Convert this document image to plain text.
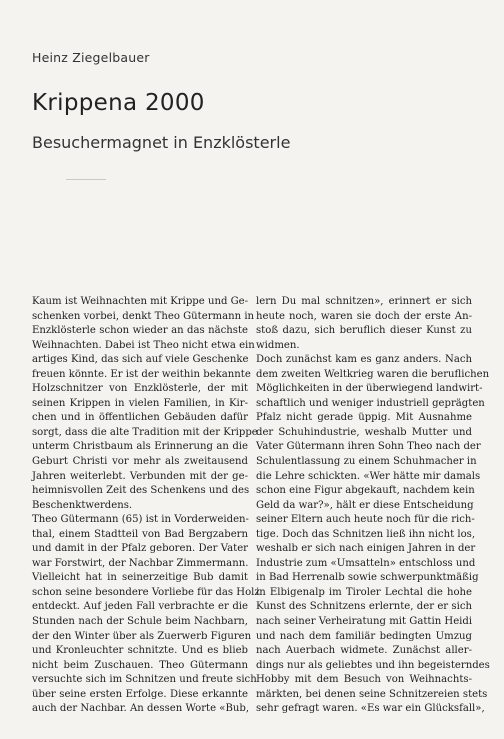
Heinz Ziegelbauer
Krippena 2000
Besuchermagnet in Enzklösterle
Kaum ist Weihnachten mit Krippe und Ge-
schenken vorbei, denkt Theo Gütermann in
Enzklösterle schon wieder an das nächste
Weihnachten. Dabei ist Theo nicht etwa ein
artiges Kind, das sich auf viele Geschenke
freuen könnte. Er ist der weithin bekannte
Holzschnitzer von Enzklösterle, der mit
seinen Krippen in vielen Familien, in Kir-
chen und in öffentlichen Gebäuden dafür
sorgt, dass die alte Tradition mit der Krippe
unterm Christbaum als Erinnerung an die
Geburt Christi vor mehr als zweitausend
Jahren weiterlebt. Verbunden mit der ge-
heimnisvollen Zeit des Schenkens und des
Beschenktwerdens.
Theo Gütermann (65) ist in Vorderweiden-
thal, einem Stadtteil von Bad Bergzabern
und damit in der Pfalz geboren. Der Vater
war Forstwirt, der Nachbar Zimmermann.
Vielleicht hat in seinerzeitige Bub damit
schon seine besondere Vorliebe für das Holz
entdeckt. Auf jeden Fall verbrachte er die
Stunden nach der Schule beim Nachbarn,
der den Winter über als Zuerwerb Figuren
und Kronleuchter schnitzte. Und es blieb
nicht beim Zuschauen. Theo Gütermann
versuchte sich im Schnitzen und freute sich
über seine ersten Erfolge. Diese erkannte
auch der Nachbar. An dessen Worte «Bub,
lern Du mal schnitzen», erinnert er sich
heute noch, waren sie doch der erste An-
stoß dazu, sich beruflich dieser Kunst zu
widmen.
Doch zunächst kam es ganz anders. Nach
dem zweiten Weltkrieg waren die beruflichen
Möglichkeiten in der überwiegend landwirt-
schaftlich und weniger industriell geprägten
Pfalz nicht gerade üppig. Mit Ausnahme
der Schuhindustrie, weshalb Mutter und
Vater Gütermann ihren Sohn Theo nach der
Schulentlassung zu einem Schuhmacher in
die Lehre schickten. «Wer hätte mir damals
schon eine Figur abgekauft, nachdem kein
Geld da war?», hält er diese Entscheidung
seiner Eltern auch heute noch für die rich-
tige. Doch das Schnitzen ließ ihn nicht los,
weshalb er sich nach einigen Jahren in der
Industrie zum «Umsatteln» entschloss und
in Bad Herrenalb sowie schwerpunktmäßig
in Elbigenalp im Tiroler Lechtal die hohe
Kunst des Schnitzens erlernte, der er sich
nach seiner Verheiratung mit Gattin Heidi
und nach dem familiär bedingten Umzug
nach Auerbach widmete. Zunächst aller-
dings nur als geliebtes und ihn begeisterndes
Hobby mit dem Besuch von Weihnachts-
märkten, bei denen seine Schnitzereien stets
sehr gefragt waren. «Es war ein Glücksfall»,
